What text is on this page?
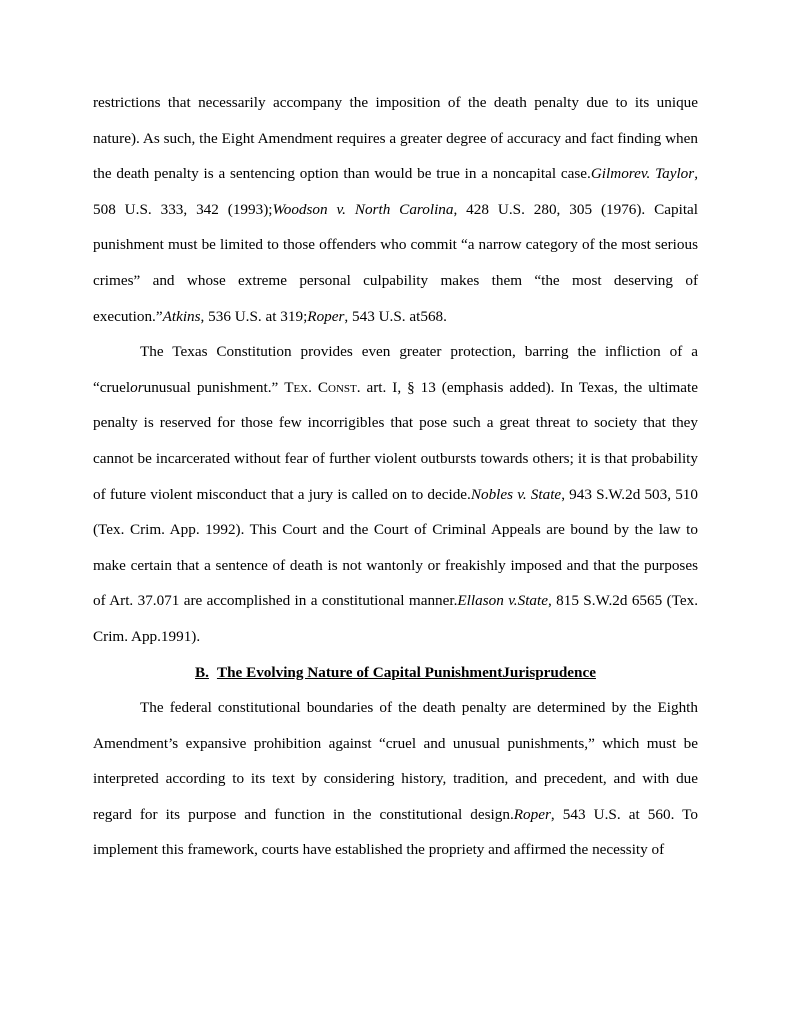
restrictions that necessarily accompany the imposition of the death penalty due to its unique nature). As such, the Eight Amendment requires a greater degree of accuracy and fact finding when the death penalty is a sentencing option than would be true in a noncapital case.Gilmorev. Taylor, 508 U.S. 333, 342 (1993);Woodson v. North Carolina, 428 U.S. 280, 305 (1976). Capital punishment must be limited to those offenders who commit “a narrow category of the most serious crimes” and whose extreme personal culpability makes them “the most deserving of execution.”Atkins, 536 U.S. at 319;Roper, 543 U.S. at568.

The Texas Constitution provides even greater protection, barring the infliction of a “cruelorunusual punishment.” Tex. Const. art. I, § 13 (emphasis added). In Texas, the ultimate penalty is reserved for those few incorrigibles that pose such a great threat to society that they cannot be incarcerated without fear of further violent outbursts towards others; it is that probability of future violent misconduct that a jury is called on to decide.Nobles v. State, 943 S.W.2d 503, 510 (Tex. Crim. App. 1992). This Court and the Court of Criminal Appeals are bound by the law to make certain that a sentence of death is not wantonly or freakishly imposed and that the purposes of Art. 37.071 are accomplished in a constitutional manner.Ellason v.State, 815 S.W.2d 6565 (Tex. Crim. App.1991).

B. The Evolving Nature of Capital PunishmentJurisprudence

The federal constitutional boundaries of the death penalty are determined by the Eighth Amendment’s expansive prohibition against “cruel and unusual punishments,” which must be interpreted according to its text by considering history, tradition, and precedent, and with due regard for its purpose and function in the constitutional design.Roper, 543 U.S. at 560. To implement this framework, courts have established the propriety and affirmed the necessity of
